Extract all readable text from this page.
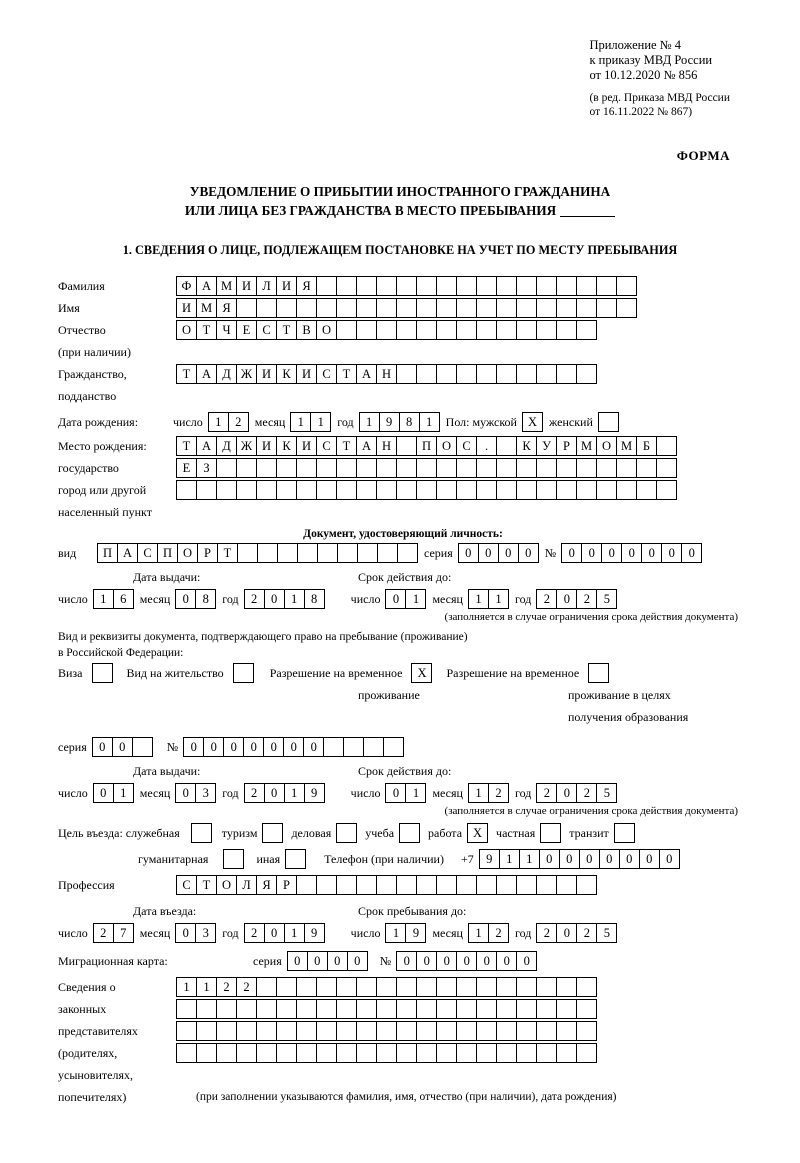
Приложение № 4
к приказу МВД России
от 10.12.2020 № 856
(в ред. Приказа МВД России
от 16.11.2022 № 867)
ФОРМА
УВЕДОМЛЕНИЕ О ПРИБЫТИИ ИНОСТРАННОГО ГРАЖДАНИНА
ИЛИ ЛИЦА БЕЗ ГРАЖДАНСТВА В МЕСТО ПРЕБЫВАНИЯ
1. СВЕДЕНИЯ О ЛИЦЕ, ПОДЛЕЖАЩЕМ ПОСТАНОВКЕ НА УЧЕТ ПО МЕСТУ ПРЕБЫВАНИЯ
Фамилия	Ф А М И Л И Я
Имя	И М Я
Отчество	О Т Ч Е С Т В О
(при наличии)
Гражданство,	Т А Д Ж И К И С Т А Н
подданство
Дата рождения:	число 1	2	месяц 1	1	год 1	9	8	1	Пол: мужской X женский
Место рождения:	Т А Д Ж И К И С Т А Н	П О С	.	К У Р М О М Б
государство	Е	З
город или другой
населенный пункт
Документ, удостоверяющий личность:
вид	П А С П О Р	Т	серия 0	0	0	0	№ 0	0	0	0	0	0	0
Дата выдачи:	Срок действия до:
число 1	6	месяц 0	8	год 2	0	1	8	число 0	1	месяц 1	1	год 2	0	2	5
(заполняется в случае ограничения срока действия документа)
Вид и реквизиты документа, подтверждающего право на пребывание (проживание)
в Российской Федерации:
Виза	Вид на жительство	Разрешение на временное	X	Разрешение на временное
проживание	проживание в целях
получения образования
серия 0	0	№ 0	0	0	0	0	0	0
Дата выдачи:	Срок действия до:
число 0	1	месяц 0	3	год 2	0	1	9	число 0	1	месяц 1	2	год 2	0	2	5
(заполняется в случае ограничения срока действия документа)
Цель въезда: служебная	туризм	деловая	учеба	работа X	частная	транзит
гуманитарная	иная	Телефон (при наличии) +7 9	1	1	0	0	0	0	0	0	0
Профессия	С Т О Л Я Р
Дата въезда:	Срок пребывания до:
число 2	7	месяц 0	3	год 2	0	1	9	число 1	9	месяц 1	2	год 2	0	2	5
Миграционная карта:	серия 0	0	0	0	№ 0	0	0	0	0	0	0
Сведения о	1	1	2	2
законных
представителях
(родителях,
усыновителях,
попечителях)	(при заполнении указываются фамилия, имя, отчество (при наличии), дата рождения)
